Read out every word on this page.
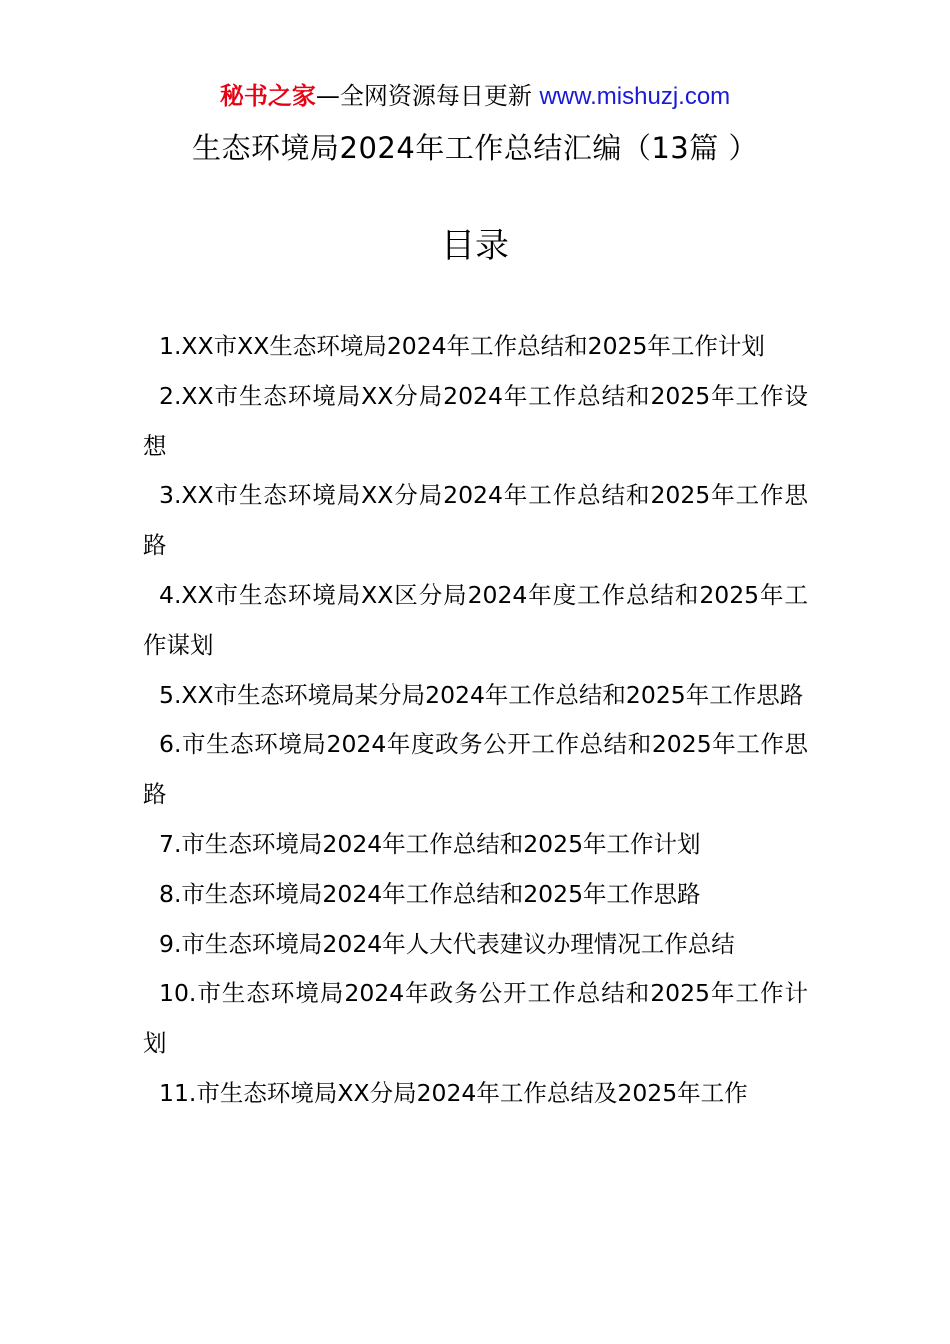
秘书之家—全网资源每日更新 www.mishuzj.com
生态环境局2024年工作总结汇编（13篇 ）
目录
1.XX市XX生态环境局2024年工作总结和2025年工作计划
2.XX市生态环境局XX分局2024年工作总结和2025年工作设想
3.XX市生态环境局XX分局2024年工作总结和2025年工作思路
4.XX市生态环境局XX区分局2024年度工作总结和2025年工作谋划
5.XX市生态环境局某分局2024年工作总结和2025年工作思路
6.市生态环境局2024年度政务公开工作总结和2025年工作思路
7.市生态环境局2024年工作总结和2025年工作计划
8.市生态环境局2024年工作总结和2025年工作思路
9.市生态环境局2024年人大代表建议办理情况工作总结
10.市生态环境局2024年政务公开工作总结和2025年工作计划
11.市生态环境局XX分局2024年工作总结及2025年工作
